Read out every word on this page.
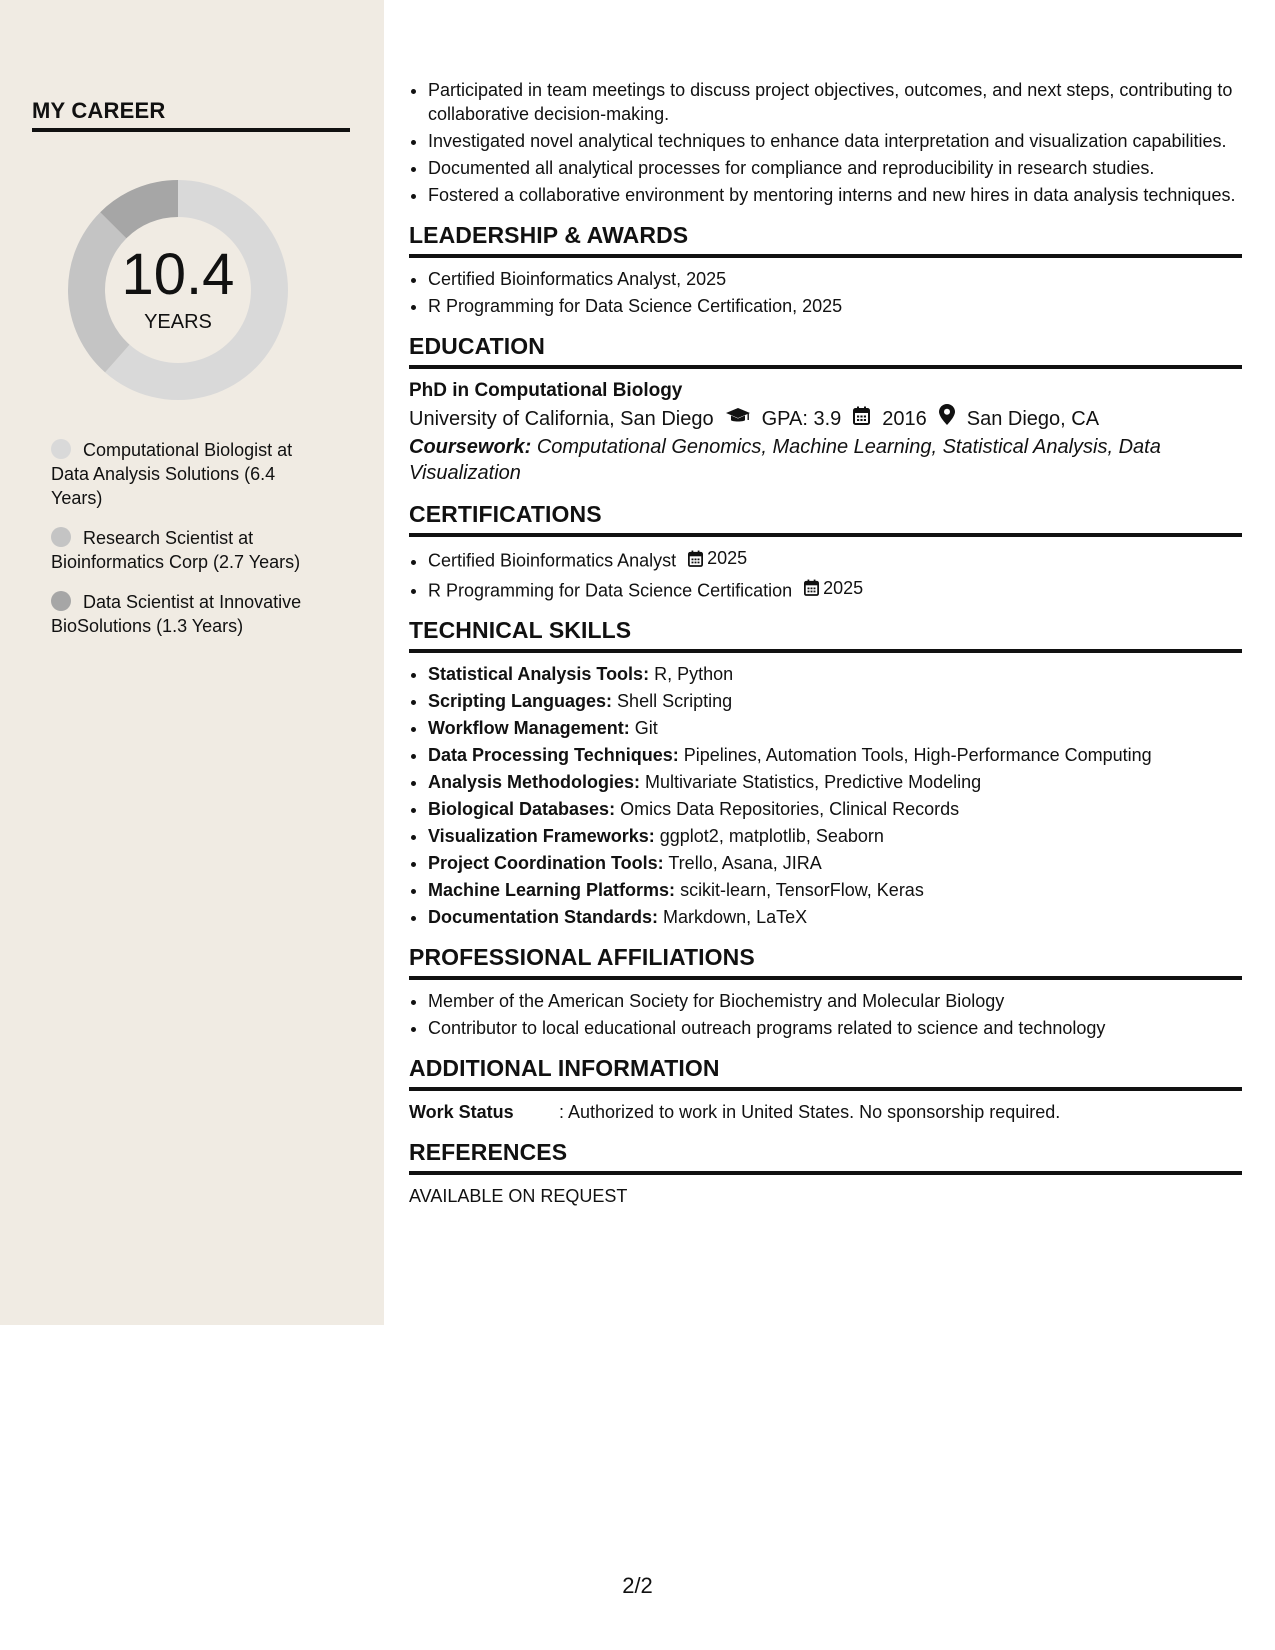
MY CAREER
10.4
YEARS
Computational Biologist at Data Analysis Solutions (6.4 Years)
Research Scientist at Bioinformatics Corp (2.7 Years)
Data Scientist at Innovative BioSolutions (1.3 Years)
• Participated in team meetings to discuss project objectives, outcomes, and next steps, contributing to collaborative decision-making.
• Investigated novel analytical techniques to enhance data interpretation and visualization capabilities.
• Documented all analytical processes for compliance and reproducibility in research studies.
• Fostered a collaborative environment by mentoring interns and new hires in data analysis techniques.
LEADERSHIP & AWARDS
• Certified Bioinformatics Analyst, 2025
• R Programming for Data Science Certification, 2025
EDUCATION
PhD in Computational Biology
University of California, San Diego GPA: 3.9 2016 San Diego, CA
Coursework: Computational Genomics, Machine Learning, Statistical Analysis, Data Visualization
CERTIFICATIONS
• Certified Bioinformatics Analyst 2025
• R Programming for Data Science Certification 2025
TECHNICAL SKILLS
• Statistical Analysis Tools: R, Python
• Scripting Languages: Shell Scripting
• Workflow Management: Git
• Data Processing Techniques: Pipelines, Automation Tools, High-Performance Computing
• Analysis Methodologies: Multivariate Statistics, Predictive Modeling
• Biological Databases: Omics Data Repositories, Clinical Records
• Visualization Frameworks: ggplot2, matplotlib, Seaborn
• Project Coordination Tools: Trello, Asana, JIRA
• Machine Learning Platforms: scikit-learn, TensorFlow, Keras
• Documentation Standards: Markdown, LaTeX
PROFESSIONAL AFFILIATIONS
• Member of the American Society for Biochemistry and Molecular Biology
• Contributor to local educational outreach programs related to science and technology
ADDITIONAL INFORMATION
Work Status	: Authorized to work in United States. No sponsorship required.
REFERENCES
AVAILABLE ON REQUEST
2/2
